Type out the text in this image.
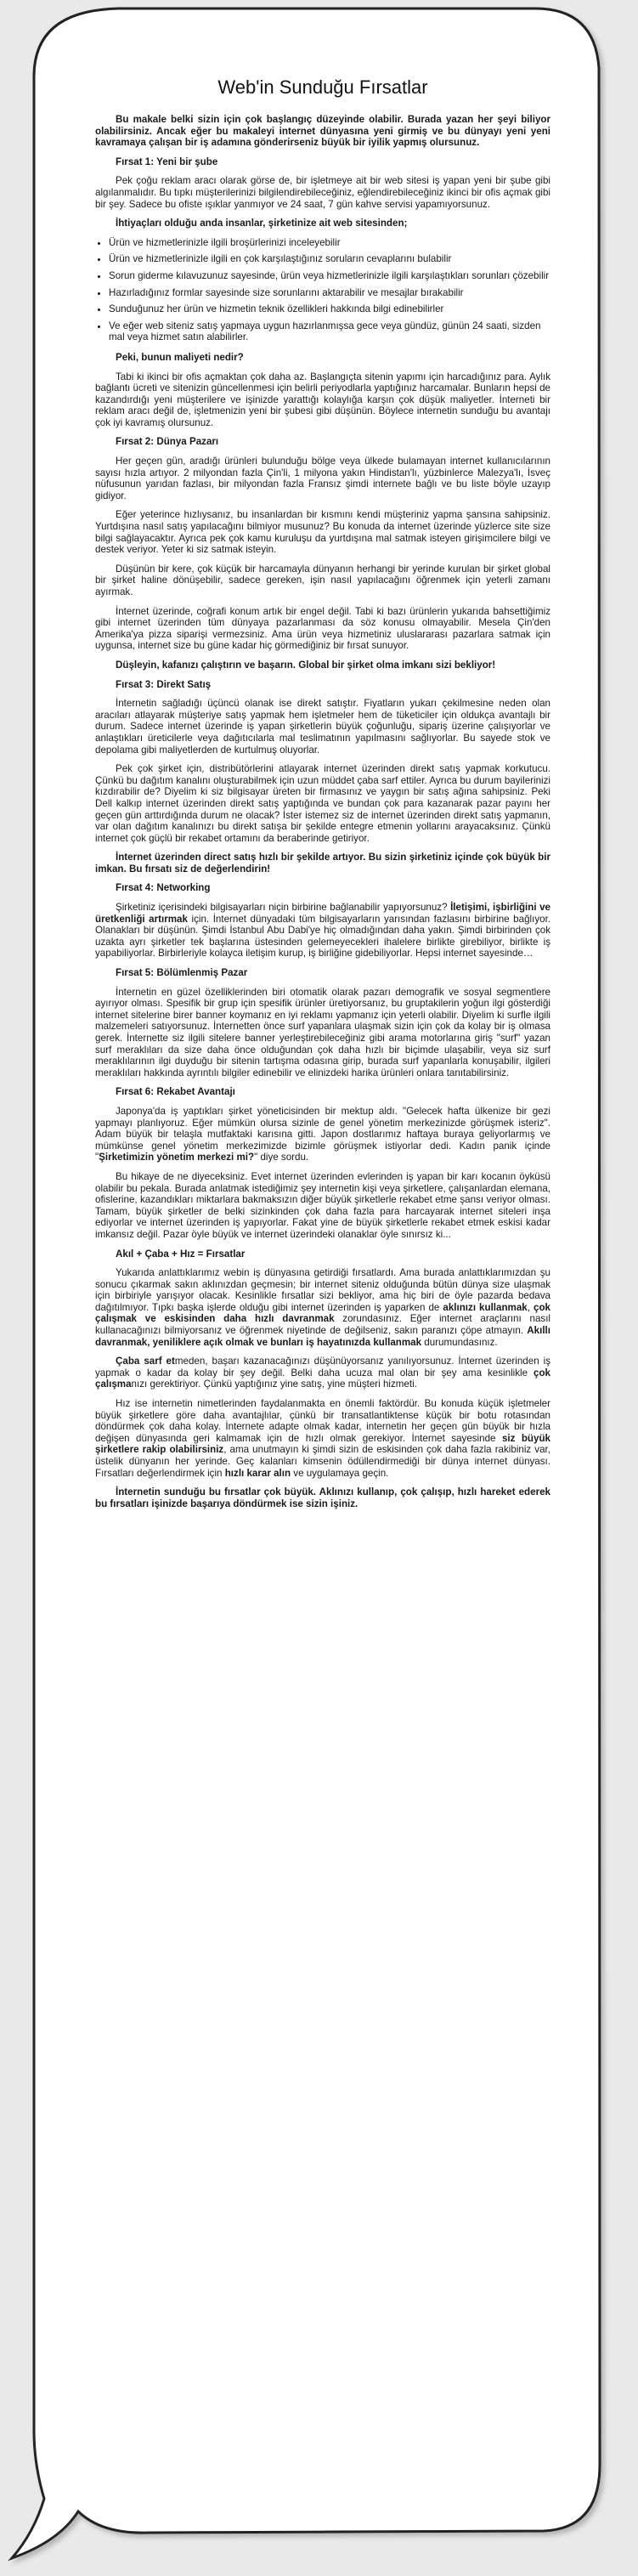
Web'in Sunduğu Fırsatlar

Bu makale belki sizin için çok başlangıç düzeyinde olabilir. Burada yazan her şeyi biliyor olabilirsiniz. Ancak eğer bu makaleyi internet dünyasına yeni girmiş ve bu dünyayı yeni yeni kavramaya çalışan bir iş adamına gönderirseniz büyük bir iyilik yapmış olursunuz.

Fırsat 1: Yeni bir şube

Pek çoğu reklam aracı olarak görse de, bir işletmeye ait bir web sitesi iş yapan yeni bir şube gibi algılanmalıdır. Bu tıpkı müşterilerinizi bilgilendirebileceğiniz, eğlendirebileceğiniz ikinci bir ofis açmak gibi bir şey. Sadece bu ofiste ışıklar yanmıyor ve 24 saat, 7 gün kahve servisi yapamıyorsunuz.

İhtiyaçları olduğu anda insanlar, şirketinize ait web sitesinden;

• Ürün ve hizmetlerinizle ilgili broşürlerinizi inceleyebilir
• Ürün ve hizmetlerinizle ilgili en çok karşılaştığınız soruların cevaplarını bulabilir
• Sorun giderme kılavuzunuz sayesinde, ürün veya hizmetlerinizle ilgili karşılaştıkları sorunları çözebilir
• Hazırladığınız formlar sayesinde size sorunlarını aktarabilir ve mesajlar bırakabilir
• Sunduğunuz her ürün ve hizmetin teknik özellikleri hakkında bilgi edinebilirler
• Ve eğer web siteniz satış yapmaya uygun hazırlanmışsa gece veya gündüz, günün 24 saati, sizden mal veya hizmet satın alabilirler.

Peki, bunun maliyeti nedir?

Tabi ki ikinci bir ofis açmaktan çok daha az. Başlangıçta sitenin yapımı için harcadığınız para. Aylık bağlantı ücreti ve sitenizin güncellenmesi için belirli periyodlarla yaptığınız harcamalar. Bunların hepsi de kazandırdığı yeni müşterilere ve işinizde yarattığı kolaylığa karşın çok düşük maliyetler. İnterneti bir reklam aracı değil de, işletmenizin yeni bir şubesi gibi düşünün. Böylece internetin sunduğu bu avantajı çok iyi kavramış olursunuz.

Fırsat 2: Dünya Pazarı

Her geçen gün, aradığı ürünleri bulunduğu bölge veya ülkede bulamayan internet kullanıcılarının sayısı hızla artıyor. 2 milyondan fazla Çin'li, 1 milyona yakın Hindistan'lı, yüzbinlerce Malezya'lı, İsveç nüfusunun yarıdan fazlası, bir milyondan fazla Fransız şimdi internete bağlı ve bu liste böyle uzayıp gidiyor.

Eğer yeterince hızlıysanız, bu insanlardan bir kısmını kendi müşteriniz yapma şansına sahipsiniz. Yurtdışına nasıl satış yapılacağını bilmiyor musunuz? Bu konuda da internet üzerinde yüzlerce site size bilgi sağlayacaktır. Ayrıca pek çok kamu kuruluşu da yurtdışına mal satmak isteyen girişimcilere bilgi ve destek veriyor. Yeter ki siz satmak isteyin.

Düşünün bir kere, çok küçük bir harcamayla dünyanın herhangi bir yerinde kurulan bir şirket global bir şirket haline dönüşebilir, sadece gereken, işin nasıl yapılacağını öğrenmek için yeterli zamanı ayırmak.

İnternet üzerinde, coğrafi konum artık bir engel değil. Tabi ki bazı ürünlerin yukarıda bahsettiğimiz gibi internet üzerinden tüm dünyaya pazarlanması da söz konusu olmayabilir. Mesela Çin'den Amerika'ya pizza siparişi vermezsiniz. Ama ürün veya hizmetiniz uluslararası pazarlara satmak için uygunsa, internet size bu güne kadar hiç görmediğiniz bir fırsat sunuyor.

Düşleyin, kafanızı çalıştırın ve başarın. Global bir şirket olma imkanı sizi bekliyor!

Fırsat 3: Direkt Satış

İnternetin sağladığı üçüncü olanak ise direkt satıştır. Fiyatların yukarı çekilmesine neden olan aracıları atlayarak müşteriye satış yapmak hem işletmeler hem de tüketiciler için oldukça avantajlı bir durum. Sadece internet üzerinde iş yapan şirketlerin büyük çoğunluğu, sipariş üzerine çalışıyorlar ve anlaştıkları üreticilerle veya dağıtıcılarla mal teslimatının yapılmasını sağlıyorlar. Bu sayede stok ve depolama gibi maliyetlerden de kurtulmuş oluyorlar.

Pek çok şirket için, distribütörlerini atlayarak internet üzerinden direkt satış yapmak korkutucu. Çünkü bu dağıtım kanalını oluşturabilmek için uzun müddet çaba sarf ettiler. Ayrıca bu durum bayilerinizi kızdırabilir de? Diyelim ki siz bilgisayar üreten bir firmasınız ve yaygın bir satış ağına sahipsiniz. Peki Dell kalkıp internet üzerinden direkt satış yaptığında ve bundan çok para kazanarak pazar payını her geçen gün arttırdığında durum ne olacak? İster istemez siz de internet üzerinden direkt satış yapmanın, var olan dağıtım kanalınızı bu direkt satışa bir şekilde entegre etmenin yollarını arayacaksınız. Çünkü internet çok güçlü bir rekabet ortamını da beraberinde getiriyor.

İnternet üzerinden direct satış hızlı bir şekilde artıyor. Bu sizin şirketiniz içinde çok büyük bir imkan. Bu fırsatı siz de değerlendirin!

Fırsat 4: Networking

Şirketiniz içerisindeki bilgisayarları niçin birbirine bağlanabilir yapıyorsunuz? İletişimi, işbirliğini ve üretkenliği artırmak için. İnternet dünyadaki tüm bilgisayarların yarısından fazlasını birbirine bağlıyor. Olanakları bir düşünün. Şimdi İstanbul Abu Dabi'ye hiç olmadığından daha yakın. Şimdi birbirinden çok uzakta ayrı şirketler tek başlarına üstesinden gelemeyecekleri ihalelere birlikte girebiliyor, birlikte iş yapabiliyorlar. Birbirleriyle kolayca iletişim kurup, iş birliğine gidebiliyorlar. Hepsi internet sayesinde…

Fırsat 5: Bölümlenmiş Pazar

İnternetin en güzel özelliklerinden biri otomatik olarak pazarı demografik ve sosyal segmentlere ayırıyor olması. Spesifik bir grup için spesifik ürünler üretiyorsanız, bu gruptakilerin yoğun ilgi gösterdiği internet sitelerine birer banner koymanız en iyi reklamı yapmanız için yeterli olabilir. Diyelim ki surfle ilgili malzemeleri satıyorsunuz. İnternetten önce surf yapanlara ulaşmak sizin için çok da kolay bir iş olmasa gerek. İnternette siz ilgili sitelere banner yerleştirebileceğiniz gibi arama motorlarına giriş "surf" yazan surf meraklıları da size daha önce olduğundan çok daha hızlı bir biçimde ulaşabilir, veya siz surf meraklılarının ilgi duyduğu bir sitenin tartışma odasına girip, burada surf yapanlarla konuşabilir, ilgileri meraklıları hakkında ayrıntılı bilgiler edinebilir ve elinizdeki harika ürünleri onlara tanıtabilirsiniz.

Fırsat 6: Rekabet Avantajı

Japonya'da iş yaptıkları şirket yöneticisinden bir mektup aldı. "Gelecek hafta ülkenize bir gezi yapmayı planlıyoruz. Eğer mümkün olursa sizinle de genel yönetim merkezinizde görüşmek isteriz". Adam büyük bir telaşla mutfaktaki karısına gitti. Japon dostlarımız haftaya buraya geliyorlarmış ve mümkünse genel yönetim merkezimizde bizimle görüşmek istiyorlar dedi. Kadın panik içinde "Şirketimizin yönetim merkezi mi?" diye sordu.

Bu hikaye de ne diyeceksiniz. Evet internet üzerinden evlerinden iş yapan bir karı kocanın öyküsü olabilir bu pekala. Burada anlatmak istediğimiz şey internetin kişi veya şirketlere, çalışanlardan elemana, ofislerine, kazandıkları miktarlara bakmaksızın diğer büyük şirketlerle rekabet etme şansı veriyor olması. Tamam, büyük şirketler de belki sizinkinden çok daha fazla para harcayarak internet siteleri inşa ediyorlar ve internet üzerinden iş yapıyorlar. Fakat yine de büyük şirketlerle rekabet etmek eskisi kadar imkansız değil. Pazar öyle büyük ve internet üzerindeki olanaklar öyle sınırsız ki...

Akıl + Çaba + Hız = Fırsatlar

Yukarıda anlattıklarımız webin iş dünyasına getirdiği fırsatlardı. Ama burada anlattıklarımızdan şu sonucu çıkarmak sakın aklınızdan geçmesin; bir internet siteniz olduğunda bütün dünya size ulaşmak için birbiriyle yarışıyor olacak. Kesinlikle fırsatlar sizi bekliyor, ama hiç biri de öyle pazarda bedava dağıtılmıyor. Tıpkı başka işlerde olduğu gibi internet üzerinden iş yaparken de aklınızı kullanmak, çok çalışmak ve eskisinden daha hızlı davranmak zorundasınız. Eğer internet araçlarını nasıl kullanacağınızı bilmiyorsanız ve öğrenmek niyetinde de değilseniz, sakın paranızı çöpe atmayın. Akıllı davranmak, yeniliklere açık olmak ve bunları iş hayatınızda kullanmak durumundasınız.

Çaba sarf etmeden, başarı kazanacağınızı düşünüyorsanız yanılıyorsunuz. İnternet üzerinden iş yapmak o kadar da kolay bir şey değil. Belki daha ucuza mal olan bir şey ama kesinlikle çok çalışmanızı gerektiriyor. Çünkü yaptığınız yine satış, yine müşteri hizmeti.

Hız ise internetin nimetlerinden faydalanmakta en önemli faktördür. Bu konuda küçük işletmeler büyük şirketlere göre daha avantajlılar, çünkü bir transatlantiktense küçük bir botu rotasından döndürmek çok daha kolay. İnternete adapte olmak kadar, internetin her geçen gün büyük bir hızla değişen dünyasında geri kalmamak için de hızlı olmak gerekiyor. İnternet sayesinde siz büyük şirketlere rakip olabilirsiniz, ama unutmayın ki şimdi sizin de eskisinden çok daha fazla rakibiniz var, üstelik dünyanın her yerinde. Geç kalanları kimsenin ödüllendirmediği bir dünya internet dünyası. Fırsatları değerlendirmek için hızlı karar alın ve uygulamaya geçin.

İnternetin sunduğu bu fırsatlar çok büyük. Aklınızı kullanıp, çok çalışıp, hızlı hareket ederek bu fırsatları işinizde başarıya döndürmek ise sizin işiniz.
